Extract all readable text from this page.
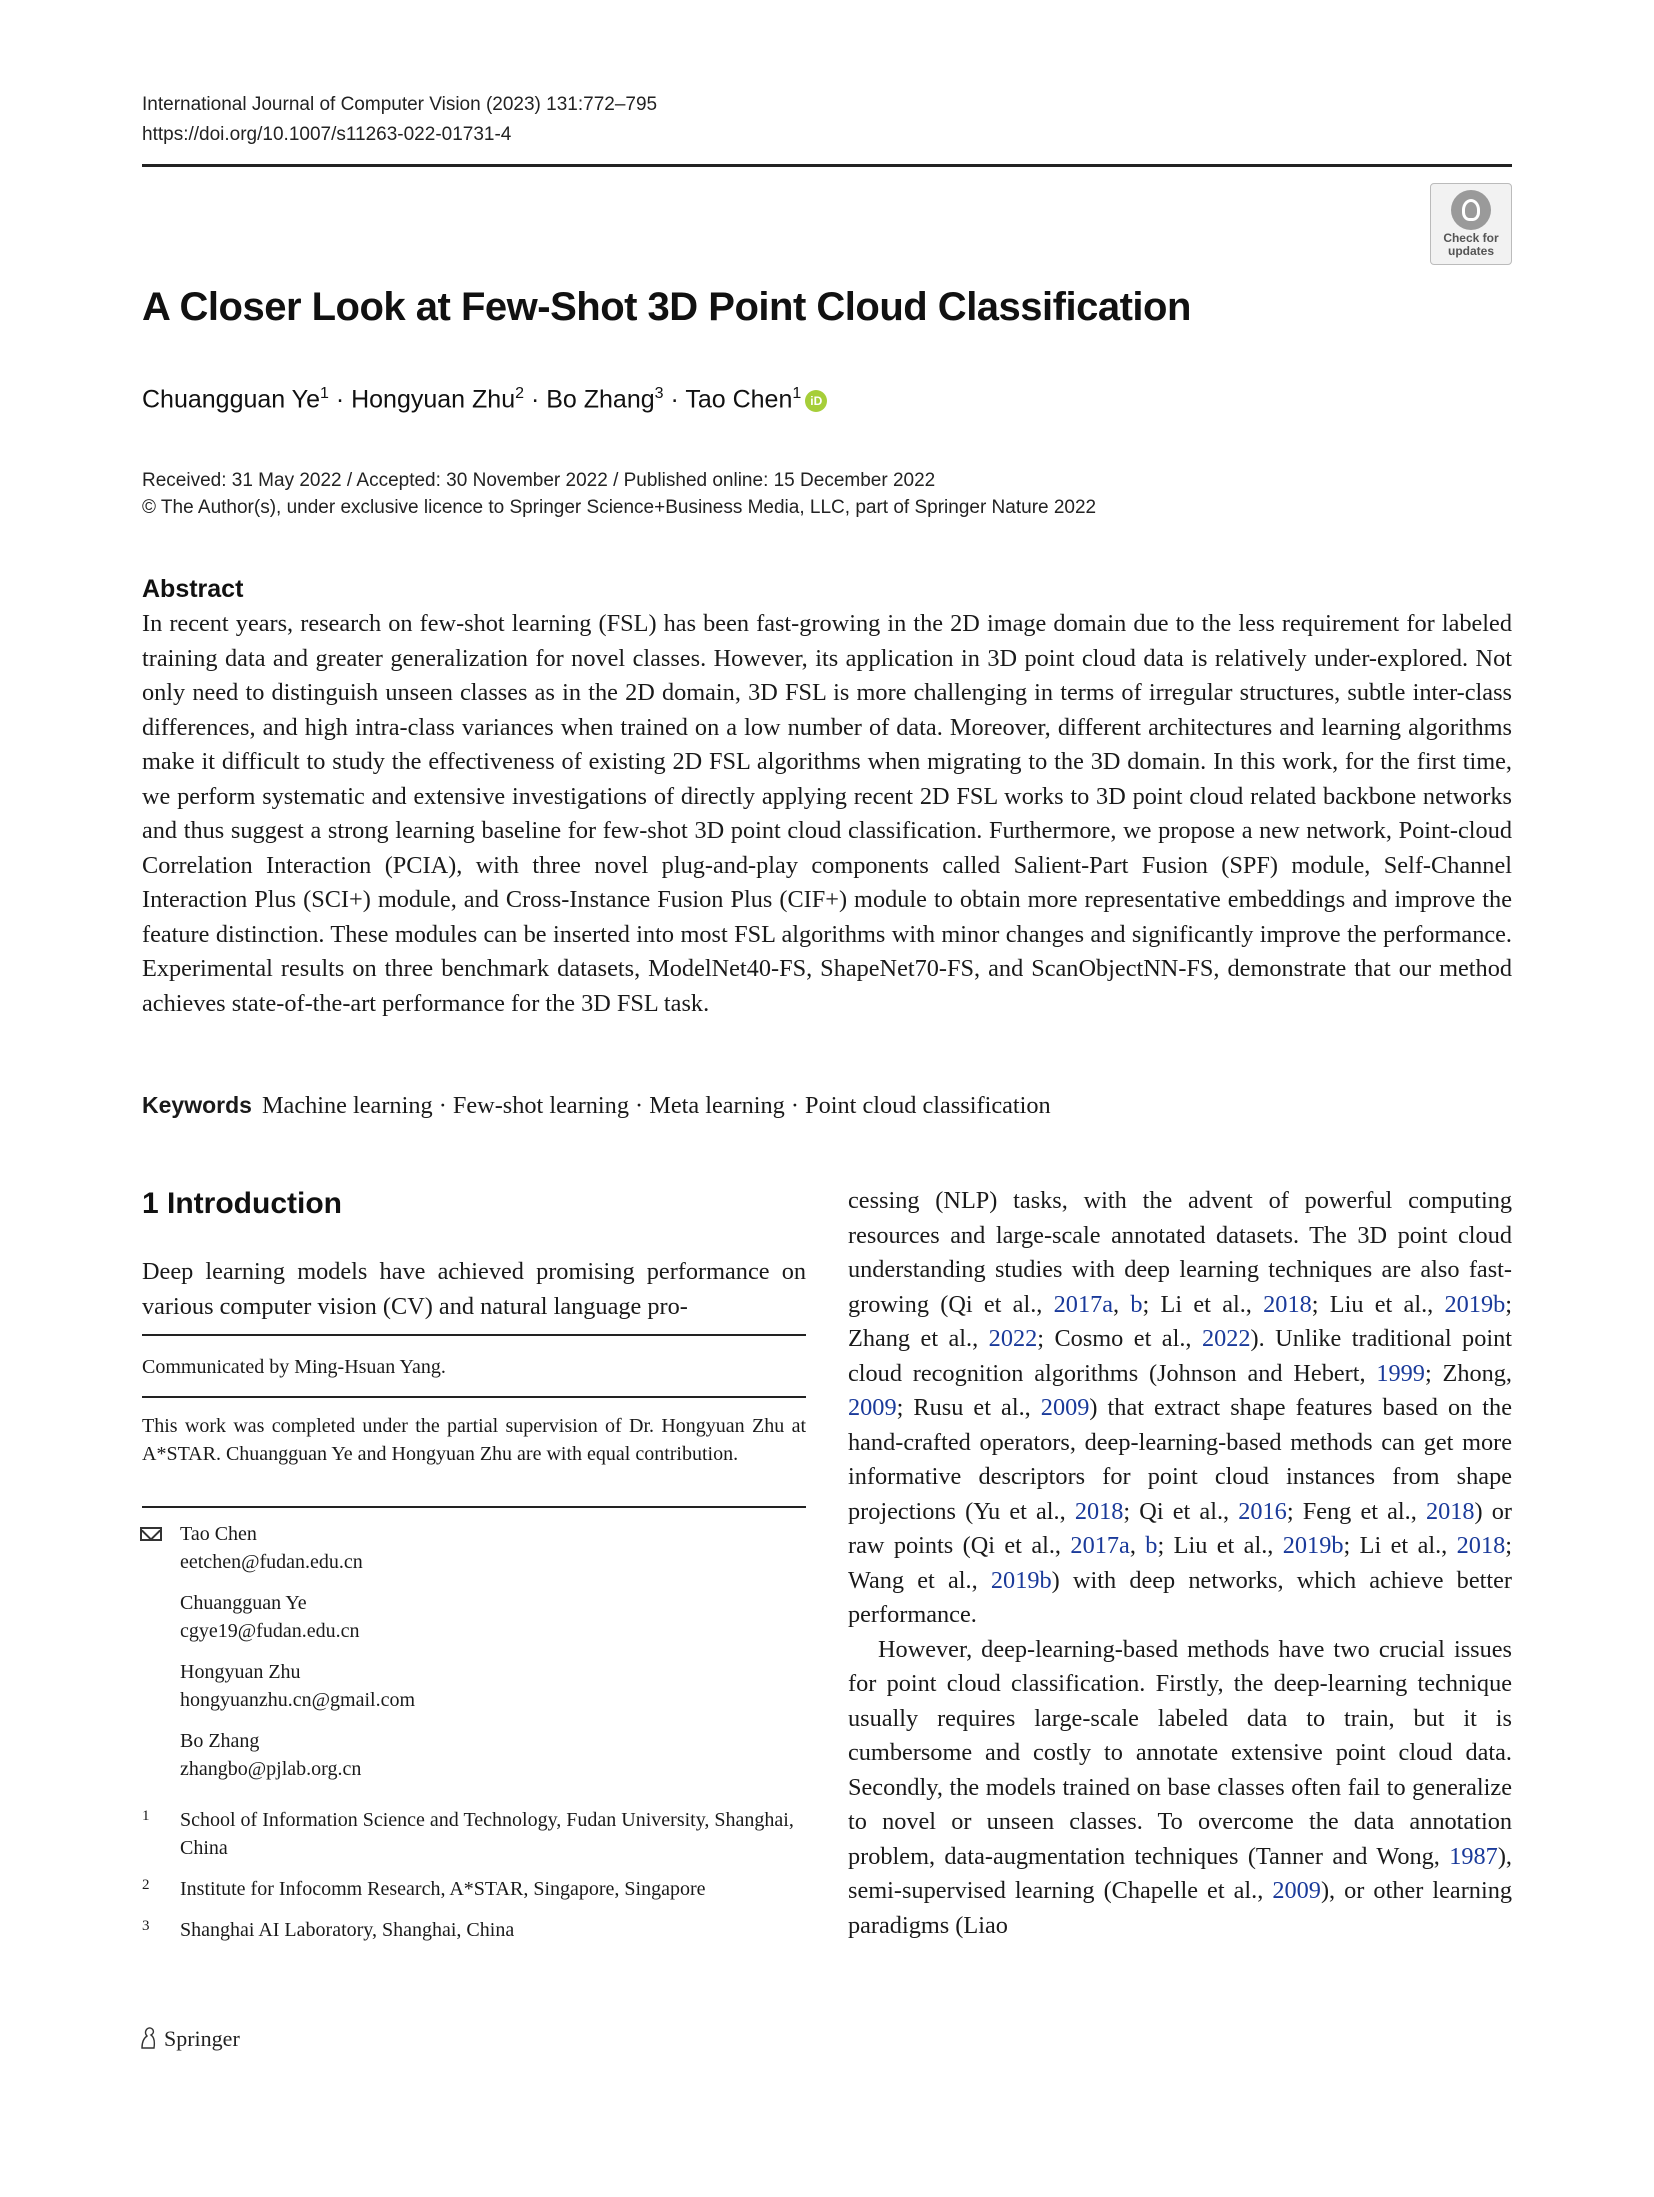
International Journal of Computer Vision (2023) 131:772–795
https://doi.org/10.1007/s11263-022-01731-4
Check for
updates
A Closer Look at Few-Shot 3D Point Cloud Classification
Chuangguan $Ye^1$ · Hongyuan Zhu$^2$ · Bo Zhang$^3$ · Tao Chen$^1$ iD
Received: 31 May 2022 / Accepted: 30 November 2022 / Published online: 15 December 2022
© The Author(s), under exclusive licence to Springer Science+Business Media, LLC, part of Springer Nature 2022
Abstract
In recent years, research on few-shot learning (FSL) has been fast-growing in the 2D image domain due to the less requirement for labeled training data and greater generalization for novel classes. However, its application in 3D point cloud data is relatively under-explored. Not only need to distinguish unseen classes as in the 2D domain, 3D FSL is more challenging in terms of irregular structures, subtle inter-class differences, and high intra-class variances when trained on a low number of data. Moreover, different architectures and learning algorithms make it difficult to study the effectiveness of existing 2D FSL algorithms when migrating to the 3D domain. In this work, for the first time, we perform systematic and extensive investigations of directly applying recent 2D FSL works to 3D point cloud related backbone networks and thus suggest a strong learning baseline for few-shot 3D point cloud classification. Furthermore, we propose a new network, Point-cloud Correlation Interaction (PCIA), with three novel plug-and-play components called Salient-Part Fusion (SPF) module, Self-Channel Interaction Plus (SCI+) module, and Cross-Instance Fusion Plus (CIF+) module to obtain more representative embeddings and improve the feature distinction. These modules can be inserted into most FSL algorithms with minor changes and significantly improve the performance. Experimental results on three benchmark datasets, ModelNet40-FS, ShapeNet70-FS, and ScanObjectNN-FS, demonstrate that our method achieves state-of-the-art performance for the 3D FSL task.
Keywords Machine learning · Few-shot learning · Meta learning · Point cloud classification
1 Introduction
Deep learning models have achieved promising performance on various computer vision (CV) and natural language pro-
Communicated by Ming-Hsuan Yang.
This work was completed under the partial supervision of Dr. Hongyuan Zhu at A*STAR. Chuangguan Ye and Hongyuan Zhu are with equal contribution.
Tao Chen
eetchen@fudan.edu.cn
Chuangguan Ye
cgye19@fudan.edu.cn
Hongyuan Zhu
hongyuanzhu.cn@gmail.com
Bo Zhang
zhangbo@pjlab.org.cn
1 School of Information Science and Technology, Fudan University, Shanghai, China
2 Institute for Infocomm Research, A*STAR, Singapore, Singapore
3 Shanghai AI Laboratory, Shanghai, China

cessing (NLP) tasks, with the advent of powerful computing resources and large-scale annotated datasets. The 3D point cloud understanding studies with deep learning techniques are also fast-growing (Qi et al., 2017a, b; Li et al., 2018; Liu et al., 2019b; Zhang et al., 2022; Cosmo et al., 2022). Unlike traditional point cloud recognition algorithms (Johnson and Hebert, 1999; Zhong, 2009; Rusu et al., 2009) that extract shape features based on the hand-crafted operators, deep-learning-based methods can get more informative descriptors for point cloud instances from shape projections (Yu et al., 2018; Qi et al., 2016; Feng et al., 2018) or raw points (Qi et al., 2017a, b; Liu et al., 2019b; Li et al., 2018; Wang et al., 2019b) with deep networks, which achieve better performance.

However, deep-learning-based methods have two crucial issues for point cloud classification. Firstly, the deep-learning technique usually requires large-scale labeled data to train, but it is cumbersome and costly to annotate extensive point cloud data. Secondly, the models trained on base classes often fail to generalize to novel or unseen classes. To overcome the data annotation problem, data-augmentation techniques (Tanner and Wong, 1987), semi-supervised learning (Chapelle et al., 2009), or other learning paradigms (Liao

Springer
